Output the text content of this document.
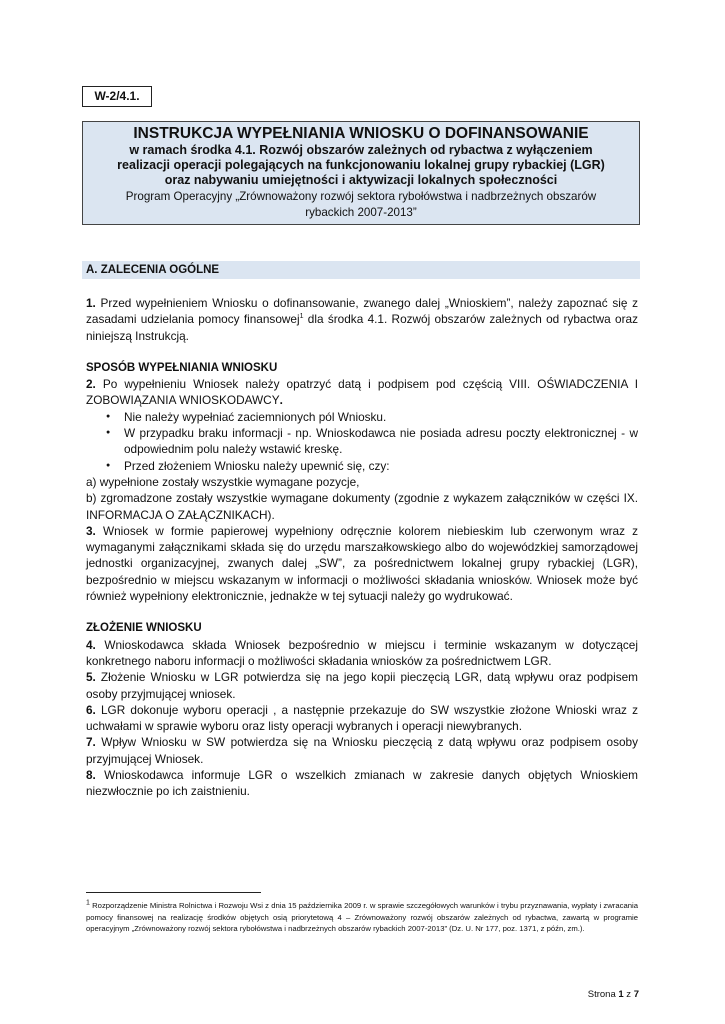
W-2/4.1.
INSTRUKCJA WYPEŁNIANIA WNIOSKU O DOFINANSOWANIE
w ramach środka 4.1. Rozwój obszarów zależnych od rybactwa z wyłączeniem
realizacji operacji polegających na funkcjonowaniu lokalnej grupy rybackiej (LGR)
oraz nabywaniu umiejętności i aktywizacji lokalnych społeczności
Program Operacyjny „Zrównoważony rozwój sektora rybołówstwa i nadbrzeżnych obszarów
rybackich 2007-2013”
A. ZALECENIA OGÓLNE

1. Przed wypełnieniem Wniosku o dofinansowanie, zwanego dalej „Wnioskiem”, należy zapoznać się z zasadami udzielania pomocy finansowej$^1$ dla środka 4.1. Rozwój obszarów zależnych od rybactwa oraz niniejszą Instrukcją.

SPOSÓB WYPEŁNIANIA WNIOSKU

2. Po wypełnieniu Wniosek należy opatrzyć datą i podpisem pod częścią VIII. OŚWIADCZENIA I ZOBOWIĄZANIA WNIOSKODAWCY.

● Nie należy wypełniać zaciemnionych pól Wniosku.
● W przypadku braku informacji - np. Wnioskodawca nie posiada adresu poczty elektronicznej - w odpowiednim polu należy wstawić kreskę.
● Przed złożeniem Wniosku należy upewnić się, czy:

a) wypełnione zostały wszystkie wymagane pozycje,

b) zgromadzone zostały wszystkie wymagane dokumenty (zgodnie z wykazem załączników w części IX. INFORMACJA O ZAŁĄCZNIKACH).

3. Wniosek w formie papierowej wypełniony odręcznie kolorem niebieskim lub czerwonym wraz z wymaganymi załącznikami składa się do urzędu marszałkowskiego albo do wojewódzkiej samorządowej jednostki organizacyjnej, zwanych dalej „SW”, za pośrednictwem lokalnej grupy rybackiej (LGR), bezpośrednio w miejscu wskazanym w informacji o możliwości składania wniosków. Wniosek może być również wypełniony elektronicznie, jednakże w tej sytuacji należy go wydrukować.

ZŁOŻENIE WNIOSKU

4. Wnioskodawca składa Wniosek bezpośrednio w miejscu i terminie wskazanym w dotyczącej konkretnego naboru informacji o możliwości składania wniosków za pośrednictwem LGR.

5. Złożenie Wniosku w LGR potwierdza się na jego kopii pieczęcią LGR, datą wpływu oraz podpisem osoby przyjmującej wniosek.

6. LGR dokonuje wyboru operacji , a następnie przekazuje do SW wszystkie złożone Wnioski wraz z uchwałami w sprawie wyboru oraz listy operacji wybranych i operacji niewybranych.

7. Wpływ Wniosku w SW potwierdza się na Wniosku pieczęcią z datą wpływu oraz podpisem osoby przyjmującej Wniosek.

8. Wnioskodawca informuje LGR o wszelkich zmianach w zakresie danych objętych Wnioskiem niezwłocznie po ich zaistnieniu.

$^1$ Rozporządzenie Ministra Rolnictwa i Rozwoju Wsi z dnia 15 października 2009 r. w sprawie szczegółowych warunków i trybu przyznawania, wypłaty i zwracania pomocy finansowej na realizację środków objętych osią priorytetową 4 – Zrównoważony rozwój obszarów zależnych od rybactwa, zawartą w programie operacyjnym „Zrównoważony rozwój sektora rybołówstwa i nadbrzeżnych obszarów rybackich 2007-2013” (Dz. U. Nr 177, poz. 1371, z późn, zm.).
Strona 1 z 7
